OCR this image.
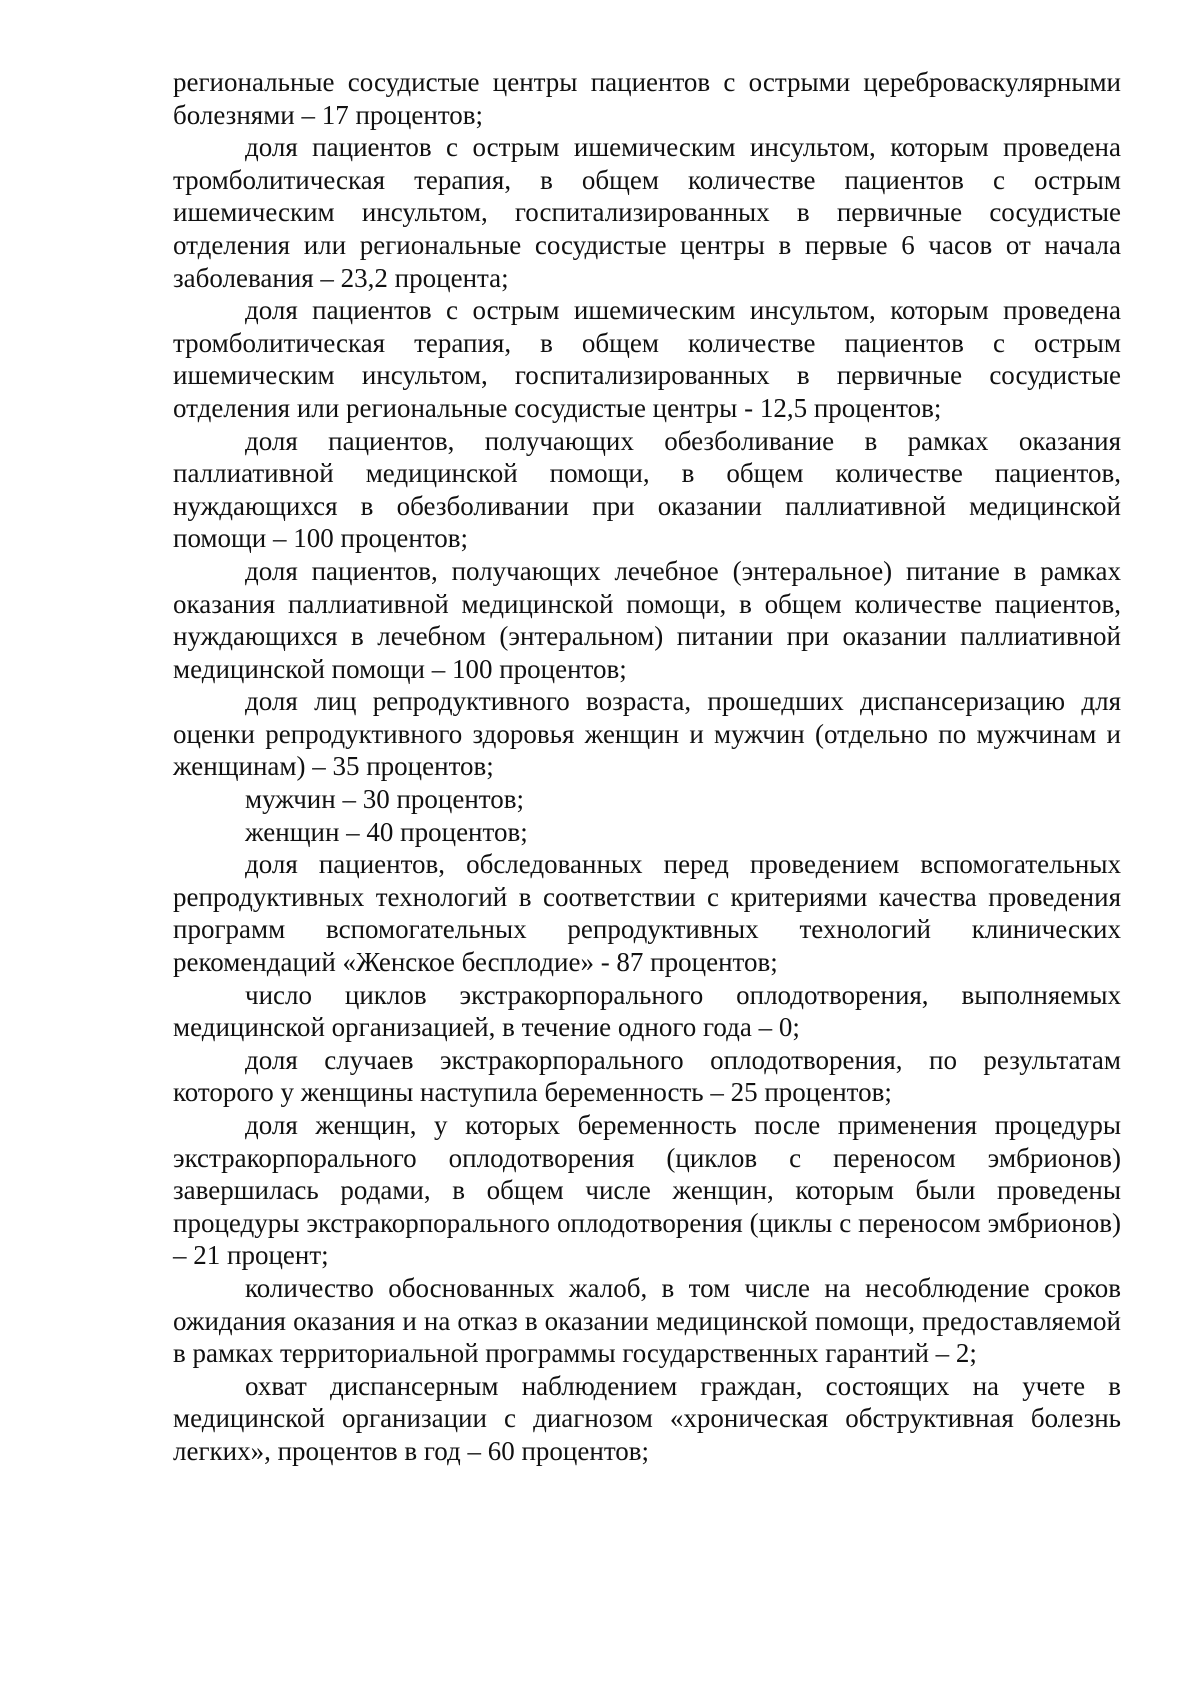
региональные сосудистые центры пациентов с острыми цереброваскулярными болезнями – 17 процентов;

доля пациентов с острым ишемическим инсультом, которым проведена тромболитическая терапия, в общем количестве пациентов с острым ишемическим инсультом, госпитализированных в первичные сосудистые отделения или региональные сосудистые центры в первые 6 часов от начала заболевания – 23,2 процента;

доля пациентов с острым ишемическим инсультом, которым проведена тромболитическая терапия, в общем количестве пациентов с острым ишемическим инсультом, госпитализированных в первичные сосудистые отделения или региональные сосудистые центры - 12,5 процентов;

доля пациентов, получающих обезболивание в рамках оказания паллиативной медицинской помощи, в общем количестве пациентов, нуждающихся в обезболивании при оказании паллиативной медицинской помощи – 100 процентов;

доля пациентов, получающих лечебное (энтеральное) питание в рамках оказания паллиативной медицинской помощи, в общем количестве пациентов, нуждающихся в лечебном (энтеральном) питании при оказании паллиативной медицинской помощи – 100 процентов;

доля лиц репродуктивного возраста, прошедших диспансеризацию для оценки репродуктивного здоровья женщин и мужчин (отдельно по мужчинам и женщинам) – 35 процентов;

мужчин – 30 процентов;

женщин – 40 процентов;

доля пациентов, обследованных перед проведением вспомогательных репродуктивных технологий в соответствии с критериями качества проведения программ вспомогательных репродуктивных технологий клинических рекомендаций «Женское бесплодие» - 87 процентов;

число циклов экстракорпорального оплодотворения, выполняемых медицинской организацией, в течение одного года – 0;

доля случаев экстракорпорального оплодотворения, по результатам которого у женщины наступила беременность – 25 процентов;

доля женщин, у которых беременность после применения процедуры экстракорпорального оплодотворения (циклов с переносом эмбрионов) завершилась родами, в общем числе женщин, которым были проведены процедуры экстракорпорального оплодотворения (циклы с переносом эмбрионов) – 21 процент;

количество обоснованных жалоб, в том числе на несоблюдение сроков ожидания оказания и на отказ в оказании медицинской помощи, предоставляемой в рамках территориальной программы государственных гарантий – 2;

охват диспансерным наблюдением граждан, состоящих на учете в медицинской организации с диагнозом «хроническая обструктивная болезнь легких», процентов в год – 60 процентов;
